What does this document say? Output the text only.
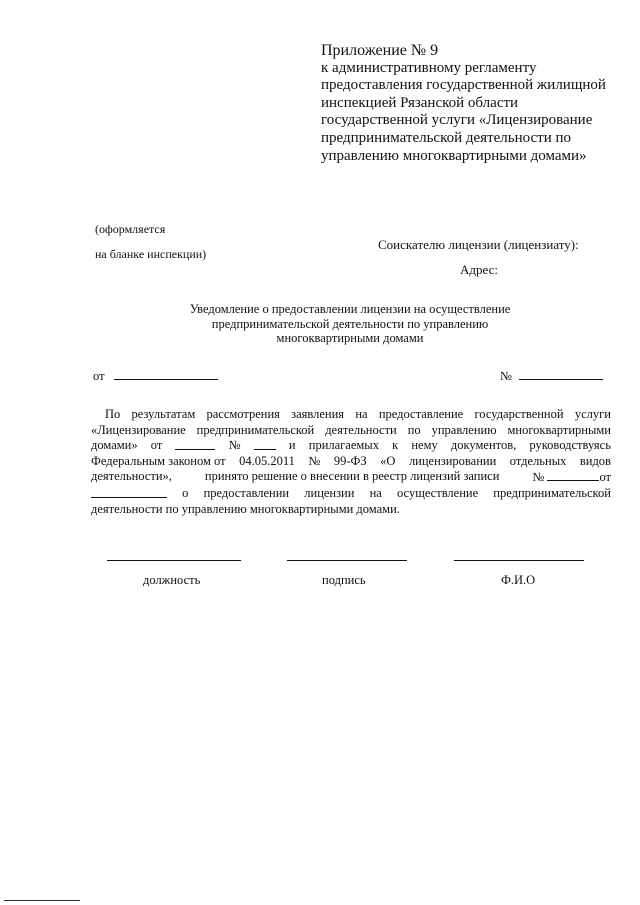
Приложение № 9
к административному регламенту
предоставления государственной жилищной
инспекцией Рязанской области
государственной услуги «Лицензирование
предпринимательской деятельности по
управлению многоквартирными домами»
(оформляется
на бланке инспекции)
Соискателю лицензии (лицензиату):
Адрес:
Уведомление о предоставлении лицензии на осуществление
предпринимательской деятельности по управлению
многоквартирными домами
от	№
По результатам рассмотрения заявления на предоставление государственной услуги
«Лицензирование предпринимательской деятельности по управлению многоквартирными
домами» от	№	и прилагаемых к нему документов, руководствуясь
Федеральным законом от 04.05.2011 № 99-ФЗ «О лицензировании отдельных видов
деятельности»,	принято решение о внесении в реестр лицензий записи	№	от
о предоставлении лицензии на осуществление предпринимательской
деятельности по управлению многоквартирными домами.
должность	подпись	Ф.И.О
